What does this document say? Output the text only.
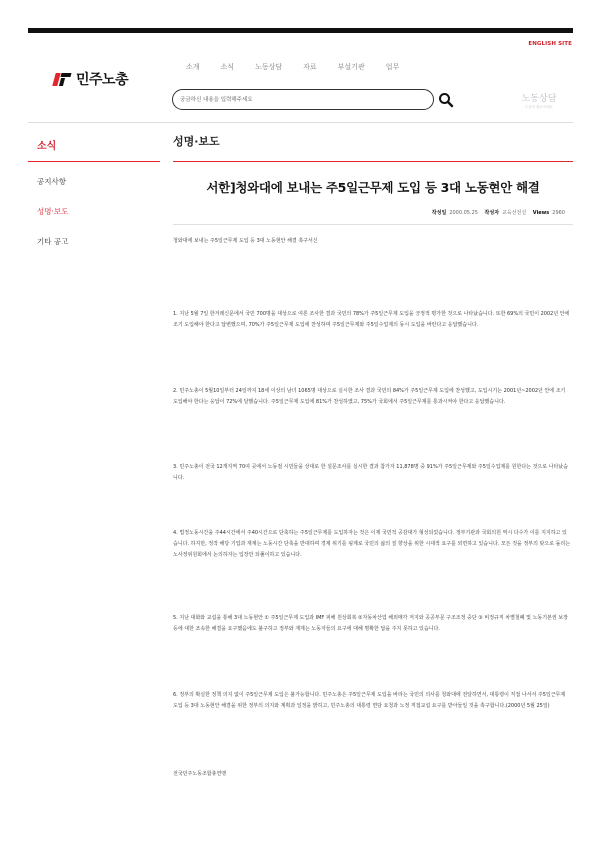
ENGLISH SITE
민주노총
소개	소식	노동상담	자료	부설기관	업무
궁금하신 내용을 입력해주세요
노동상담
도움이 필요하세요
소식
공지사항
성명·보도
기타 공고
성명·보도
서한]청와대에 보내는 주5일근무제 도입 등 3대 노동현안 해결
작성일 2000.05.25 작성자 교육선전실 Views 2960

청와대에 보내는 주5일근무제 도입 등 3대 노동현안 해결 촉구서신

1. 지난 5월 7일 한겨레신문에서 국민 700명을 대상으로 여론 조사한 결과 국민의 78%가 주5일근무제 도입을 긍정적 평가한 것으로 나타났습니다. 또한 69%의 국민이 2002년 안에 조기 도입해야 한다고 답변했으며, 70%가 주5일근무제 도입에 찬성하며 주5일근무제와 주5일수업제의 동시 도입을 바란다고 응답했습니다.

2. 민주노총이 5월10일부터 24일까지 18세 이상의 남녀 1065명 대상으로 실시한 조사 결과 국민의 84%가 주5일근무제 도입에 찬성했고, 도입시기는 2001년~2002년 안에 조기 도입해야 한다는 응답이 72%에 달했습니다. 주5일근무제 도입에 81%가 찬성하였고, 75%가 국회에서 주5일근무제를 통과시켜야 한다고 응답했습니다.

3. 민주노총이 전국 12개지역 70여 곳에서 노동절 시민들을 상대로 한 설문조사를 실시한 결과 참가자 11,878명 중 91%가 주5일근무제와 주5일수업제를 원한다는 것으로 나타났습니다.

4. 법정노동시간을 주44시간에서 주40시간으로 단축하는 주5일근무제를 도입하자는 것은 이제 국민적 공감대가 형성되었습니다. 정부기관과 국회의원 역시 다수가 이를 지지하고 있습니다. 하지만, 정작 해당 기업과 재계는 노동시간 단축을 반대하며 경제 위기를 핑계로 국민의 삶의 질 향상을 위한 시대적 요구를 외면하고 있습니다. 모든 것을 정부의 탓으로 돌리는 노사정위원회에서 논의하자는 입장만 되풀이하고 있습니다.

5. 지난 대화와 교섭을 통해 3대 노동현안 ① 주5일근무제 도입과 IMF 피해 원상회복 ②자동차산업 해외매각 저지와 공공부문 구조조정 중단 ③ 비정규직 차별철폐 및 노동기본권 보장 등에 대한 조속한 해결을 요구했음에도 불구하고 정부와 재계는 노동자들의 요구에 대해 명확한 답을 주지 못하고 있습니다.

6. 정부의 확실한 정책 의지 없이 주5일근무제 도입은 불가능합니다. 민주노총은 주5일근무제 도입을 바라는 국민의 의사를 청와대에 전달하면서, 대통령이 직접 나서서 주5일근무제 도입 등 3대 노동현안 해결을 위한 정부의 의지와 계획과 일정을 밝히고, 민주노총의 대통령 면담 요청과 노정 직접교섭 요구를 받아들일 것을 촉구합니다.(2000년 5월 25일)

전국민주노동조합총연맹
